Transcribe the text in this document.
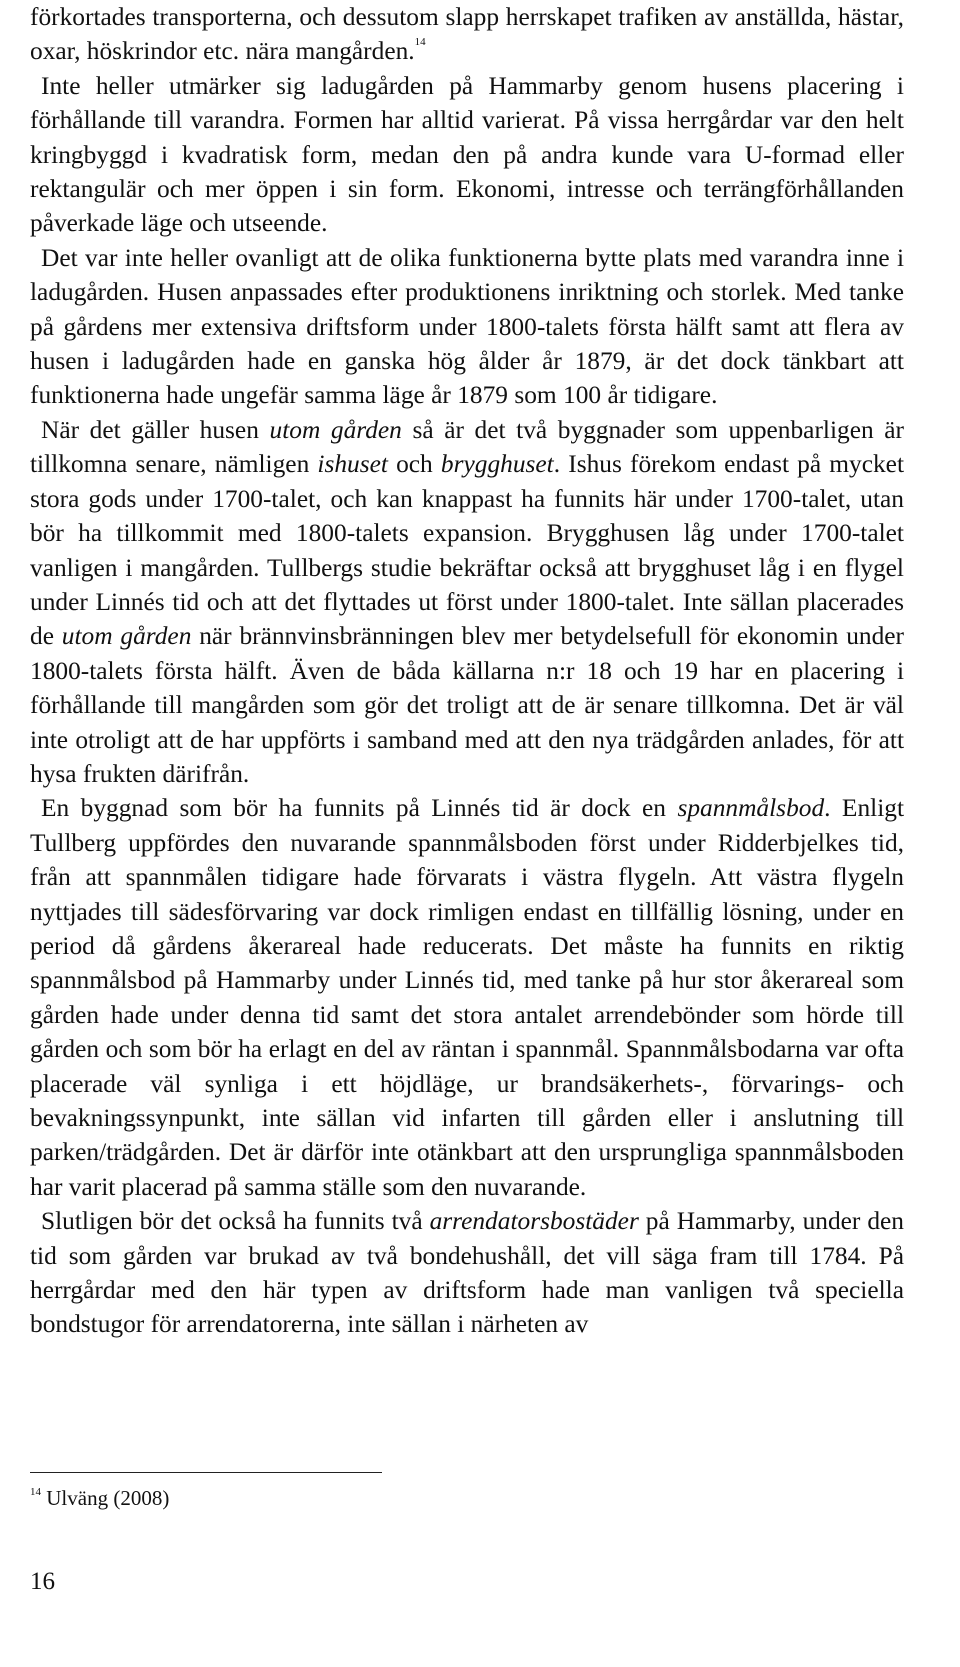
förkortades transporterna, och dessutom slapp herrskapet trafiken av anställda, hästar, oxar, höskrindor etc. nära mangården.$^{14}$

Inte heller utmärker sig ladugården på Hammarby genom husens placering i förhållande till varandra. Formen har alltid varierat. På vissa herrgårdar var den helt kringbyggd i kvadratisk form, medan den på andra kunde vara U-formad eller rektangulär och mer öppen i sin form. Ekonomi, intresse och terrängförhållanden påverkade läge och utseende.

Det var inte heller ovanligt att de olika funktionerna bytte plats med varandra inne i ladugården. Husen anpassades efter produktionens inriktning och storlek. Med tanke på gårdens mer extensiva driftsform under 1800-talets första hälft samt att flera av husen i ladugården hade en ganska hög ålder år 1879, är det dock tänkbart att funktionerna hade ungefär samma läge år 1879 som 100 år tidigare.

När det gäller husen utom gården så är det två byggnader som uppenbarligen är tillkomna senare, nämligen ishuset och brygghuset. Ishus förekom endast på mycket stora gods under 1700-talet, och kan knappast ha funnits här under 1700-talet, utan bör ha tillkommit med 1800-talets expansion. Brygghusen låg under 1700-talet vanligen i mangården. Tullbergs studie bekräftar också att brygghuset låg i en flygel under Linnés tid och att det flyttades ut först under 1800-talet. Inte sällan placerades de utom gården när brännvinsbränningen blev mer betydelsefull för ekonomin under 1800-talets första hälft. Även de båda källarna n:r 18 och 19 har en placering i förhållande till mangården som gör det troligt att de är senare tillkomna. Det är väl inte otroligt att de har uppförts i samband med att den nya trädgården anlades, för att hysa frukten därifrån.

En byggnad som bör ha funnits på Linnés tid är dock en spannmålsbod. Enligt Tullberg uppfördes den nuvarande spannmålsboden först under Ridderbjelkes tid, från att spannmålen tidigare hade förvarats i västra flygeln. Att västra flygeln nyttjades till sädesförvaring var dock rimligen endast en tillfällig lösning, under en period då gårdens åkerareal hade reducerats. Det måste ha funnits en riktig spannmålsbod på Hammarby under Linnés tid, med tanke på hur stor åkerareal som gården hade under denna tid samt det stora antalet arrendebönder som hörde till gården och som bör ha erlagt en del av räntan i spannmål. Spannmålsbodarna var ofta placerade väl synliga i ett höjdläge, ur brandsäkerhets-, förvarings- och bevakningssynpunkt, inte sällan vid infarten till gården eller i anslutning till parken/trädgården. Det är därför inte otänkbart att den ursprungliga spannmålsboden har varit placerad på samma ställe som den nuvarande.

Slutligen bör det också ha funnits två arrendatorsbostäder på Hammarby, under den tid som gården var brukad av två bondehushåll, det vill säga fram till 1784. På herrgårdar med den här typen av driftsform hade man vanligen två speciella bondstugor för arrendatorerna, inte sällan i närheten av

$^{14}$ Ulväng (2008)
16
